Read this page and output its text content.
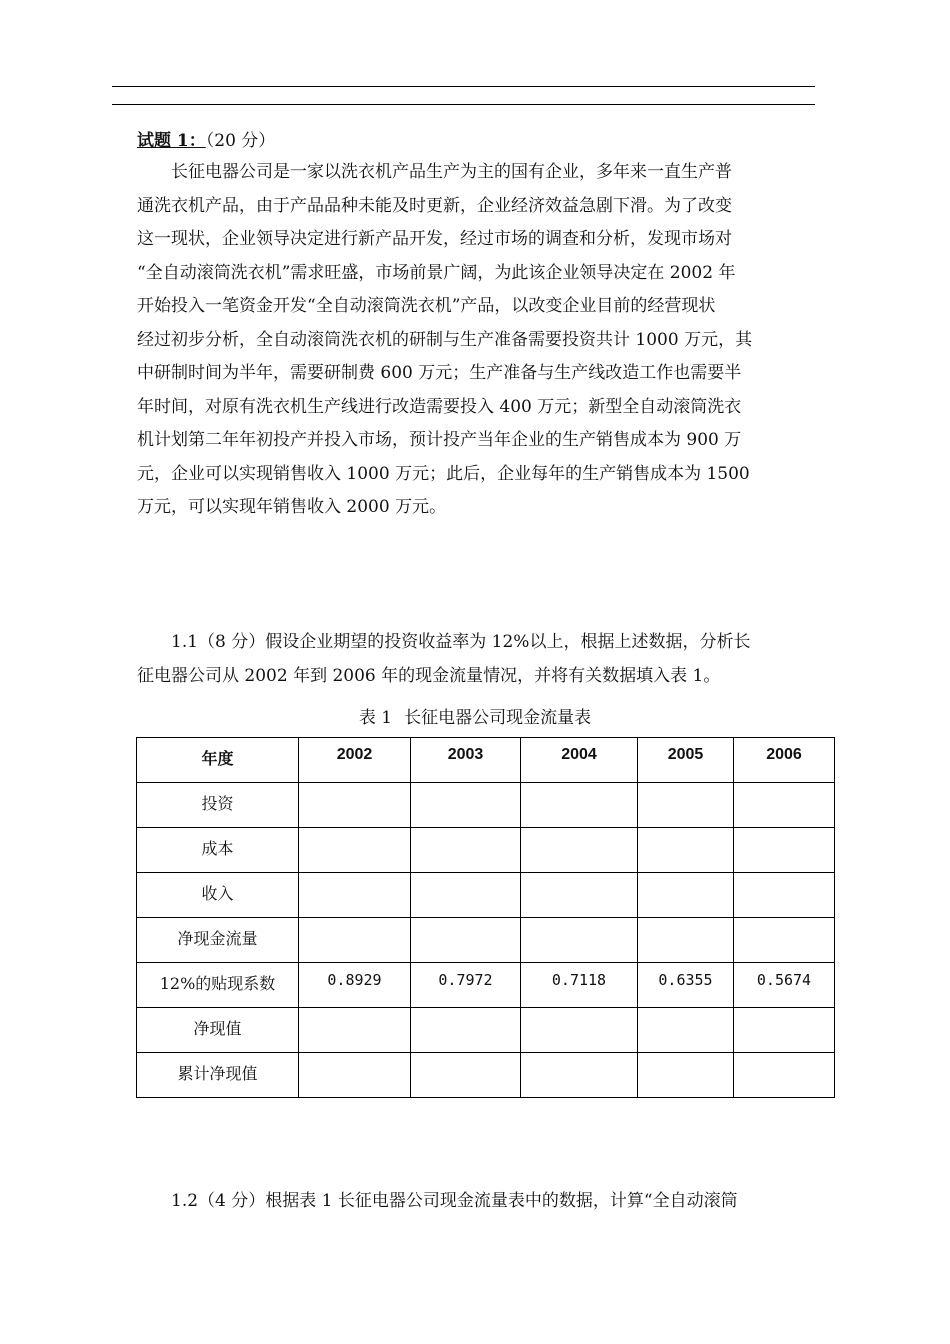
试题 1：（20 分）
　　长征电器公司是一家以洗衣机产品生产为主的国有企业，多年来一直生产普
通洗衣机产品，由于产品品种未能及时更新，企业经济效益急剧下滑。为了改变
这一现状，企业领导决定进行新产品开发，经过市场的调查和分析，发现市场对
“全自动滚筒洗衣机”需求旺盛，市场前景广阔，为此该企业领导决定在 2002 年
开始投入一笔资金开发“全自动滚筒洗衣机”产品，以改变企业目前的经营现状
经过初步分析，全自动滚筒洗衣机的研制与生产准备需要投资共计 1000 万元，其
中研制时间为半年，需要研制费 600 万元；生产准备与生产线改造工作也需要半
年时间，对原有洗衣机生产线进行改造需要投入 400 万元；新型全自动滚筒洗衣
机计划第二年年初投产并投入市场，预计投产当年企业的生产销售成本为 900 万
元，企业可以实现销售收入 1000 万元；此后，企业每年的生产销售成本为 1500
万元，可以实现年销售收入 2000 万元。
　　1.1（8 分）假设企业期望的投资收益率为 12%以上，根据上述数据，分析长
征电器公司从 2002 年到 2006 年的现金流量情况，并将有关数据填入表 1。
表 1 长征电器公司现金流量表
年度	2002	2003	2004	2005	2006
投资					
成本					
收入					
净现金流量					
12%的贴现系数	0.8929	0.7972	0.7118	0.6355	0.5674
净现值					
累计净现值					
　　1.2（4 分）根据表 1 长征电器公司现金流量表中的数据，计算“全自动滚筒
